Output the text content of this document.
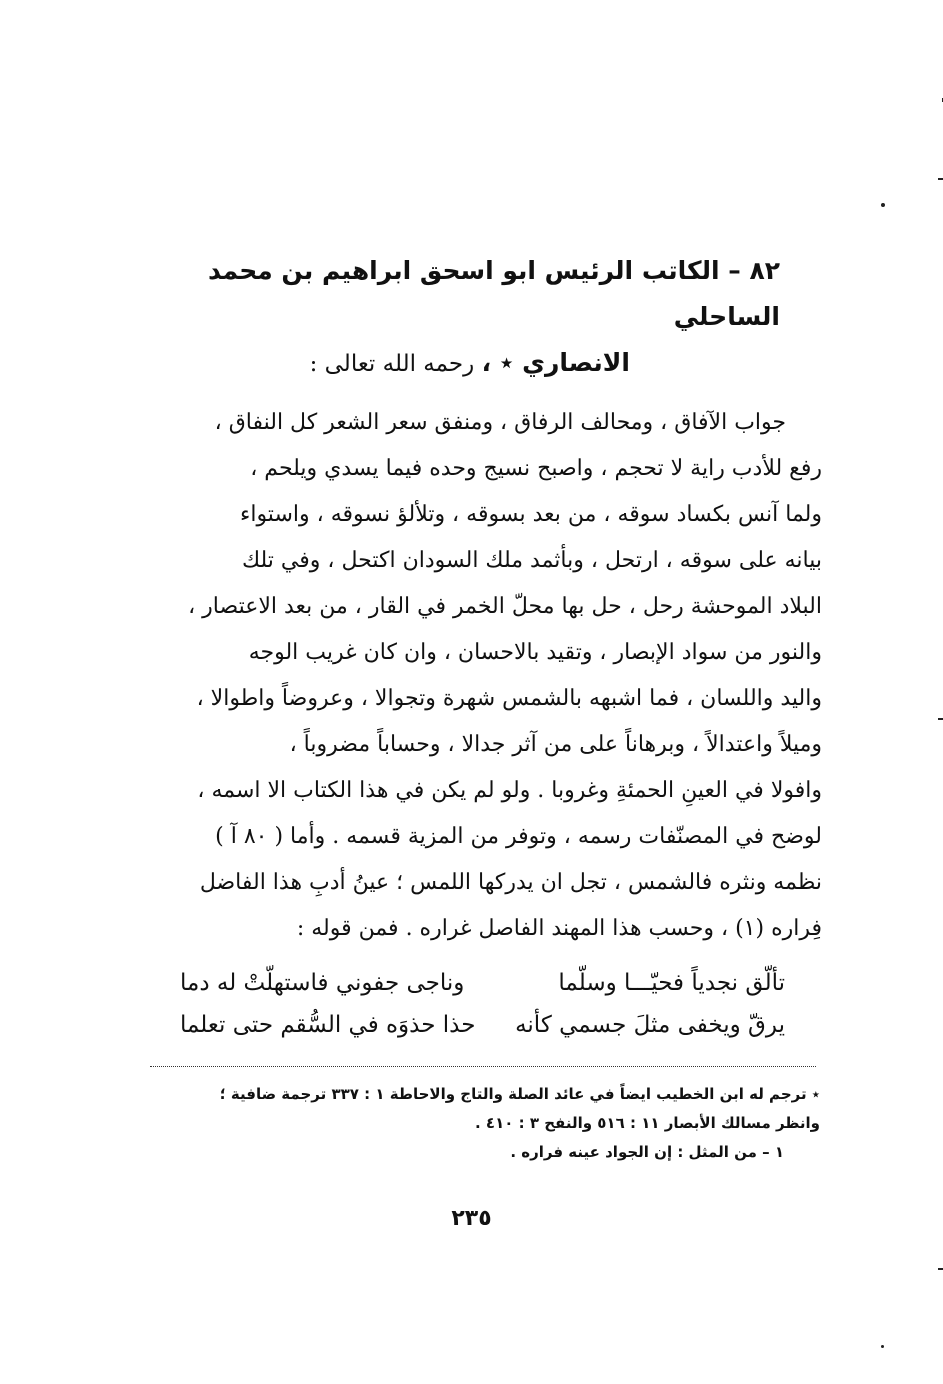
٨٢ – الكاتب الرئيس ابو اسحق ابراهيم بن محمد الساحلي
الانصاري ٭ ، رحمه الله تعالى :

جواب الآفاق ، ومحالف الرفاق ، ومنفق سعر الشعر كل النفاق ،

رفع للأدب راية لا تحجم ، واصبح نسيج وحده فيما يسدي ويلحم ،

ولما آنس بكساد سوقه ، من بعد بسوقه ، وتلألؤ نسوقه ، واستواء

بيانه على سوقه ، ارتحل ، وبأثمد ملك السودان اكتحل ، وفي تلك

البلاد الموحشة رحل ، حل بها محلّ الخمر في القار ، من بعد الاعتصار ،

والنور من سواد الإبصار ، وتقيد بالاحسان ، وان كان غريب الوجه

واليد واللسان ، فما اشبهه بالشمس شهرة وتجوالا ، وعروضاً واطوالا ،

وميلاً واعتدالاً ، وبرهاناً على من آثر جدالا ، وحساباً مضروباً ،

وافولا في العينِ الحمئةِ وغروبا . ولو لم يكن في هذا الكتاب الا اسمه ،

لوضح في المصنّفات رسمه ، وتوفر من المزية قسمه . وأما ( ٨٠ آ )

نظمه ونثره فالشمس ، تجل ان يدركها اللمس ؛ عينُ أدبِ هذا الفاضل

فِراره (١) ، وحسب هذا المهند الفاصل غراره . فمن قوله :

تألّق نجدياً فحيّـــا وسلّما
وناجى جفوني فاستهلّتْ له دما
يرقّ ويخفى مثلَ جسمي كأنه
حذا حذوَه في السُّقم حتى تعلما
٭ ترجم له ابن الخطيب ايضاً في عائد الصلة والتاج والاحاطة ١ : ٣٣٧ ترجمة ضافية ؛
وانظر مسالك الأبصار ١١ : ٥١٦ والنفح ٣ : ٤١٠ .
١ – من المثل : إن الجواد عينه فراره .
٢٣٥
